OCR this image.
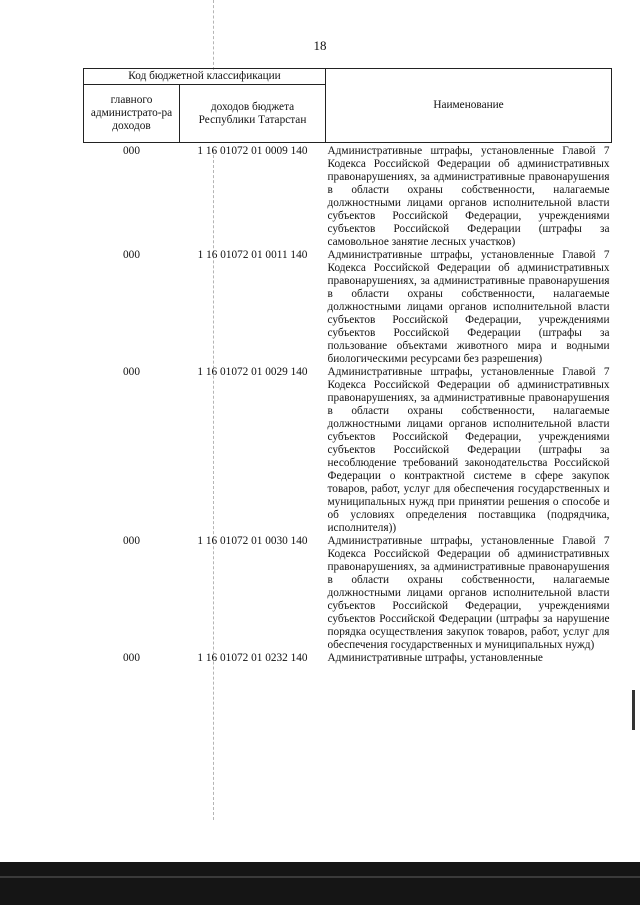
18
Код бюджетной классификации		Наименование
главного администрато-ра доходов	доходов бюджета Республики Татарстан	
000	1 16 01072 01 0009 140	Административные штрафы, установленные Главой 7 Кодекса Российской Федерации об административных правонарушениях, за административные правонарушения в области охраны собственности, налагаемые должностными лицами органов исполнительной власти субъектов Российской Федерации, учреждениями субъектов Российской Федерации (штрафы за самовольное занятие лесных участков)
000	1 16 01072 01 0011 140	Административные штрафы, установленные Главой 7 Кодекса Российской Федерации об административных правонарушениях, за административные правонарушения в области охраны собственности, налагаемые должностными лицами органов исполнительной власти субъектов Российской Федерации, учреждениями субъектов Российской Федерации (штрафы за пользование объектами животного мира и водными биологическими ресурсами без разрешения)
000	1 16 01072 01 0029 140	Административные штрафы, установленные Главой 7 Кодекса Российской Федерации об административных правонарушениях, за административные правонарушения в области охраны собственности, налагаемые должностными лицами органов исполнительной власти субъектов Российской Федерации, учреждениями субъектов Российской Федерации (штрафы за несоблюдение требований законодательства Российской Федерации о контрактной системе в сфере закупок товаров, работ, услуг для обеспечения государственных и муниципальных нужд при принятии решения о способе и об условиях определения поставщика (подрядчика, исполнителя))
000	1 16 01072 01 0030 140	Административные штрафы, установленные Главой 7 Кодекса Российской Федерации об административных правонарушениях, за административные правонарушения в области охраны собственности, налагаемые должностными лицами органов исполнительной власти субъектов Российской Федерации, учреждениями субъектов Российской Федерации (штрафы за нарушение порядка осуществления закупок товаров, работ, услуг для обеспечения государственных и муниципальных нужд)
000	1 16 01072 01 0232 140	Административные штрафы, установленные
